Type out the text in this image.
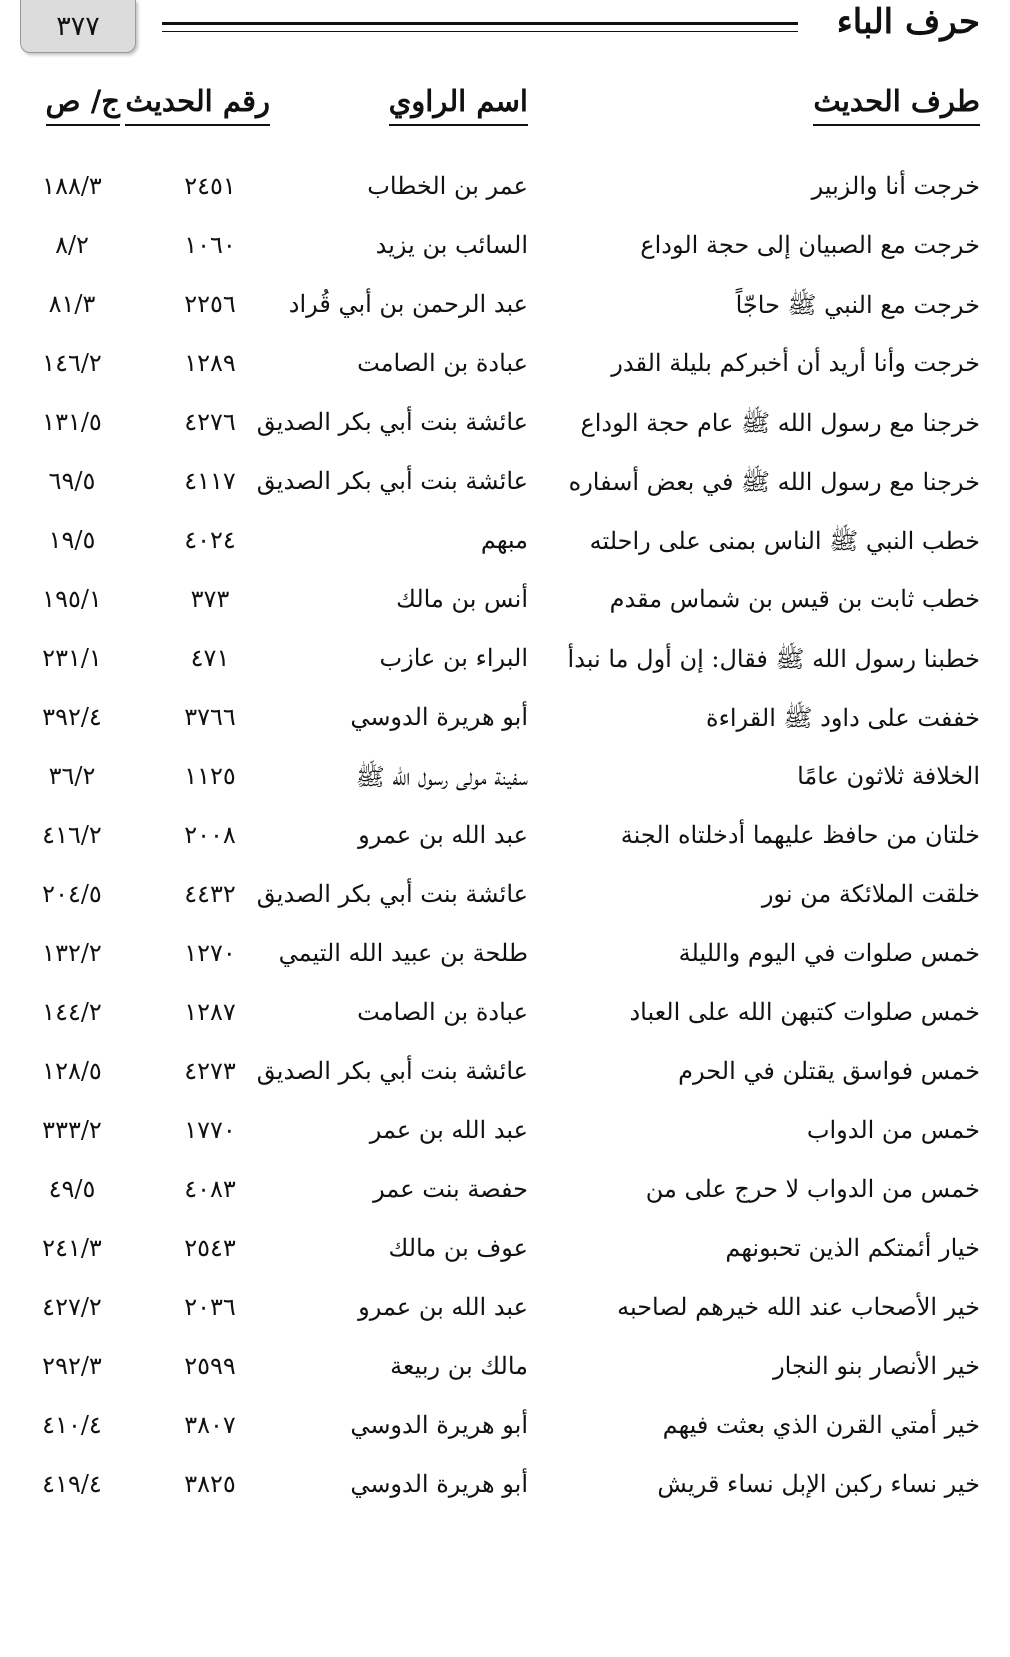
٣٧٧	حرف الباء
طرف الحديث
اسم الراوي
رقم الحديث
ج/ ص
خرجت أنا والزبير
عمر بن الخطاب
٢٤٥١
١٨٨/٣
خرجت مع الصبيان إلى حجة الوداع
السائب بن يزيد
١٠٦٠
٨/٢
خرجت مع النبي ﷺ حاجّاً
عبد الرحمن بن أبي قُراد
٢٢٥٦
٨١/٣
خرجت وأنا أريد أن أخبركم بليلة القدر
عبادة بن الصامت
١٢٨٩
١٤٦/٢
خرجنا مع رسول الله ﷺ عام حجة الوداع
عائشة بنت أبي بكر الصديق
٤٢٧٦
١٣١/٥
خرجنا مع رسول الله ﷺ في بعض أسفاره
عائشة بنت أبي بكر الصديق
٤١١٧
٦٩/٥
خطب النبي ﷺ الناس بمنى على راحلته
مبهم
٤٠٢٤
١٩/٥
خطب ثابت بن قيس بن شماس مقدم
أنس بن مالك
٣٧٣
١٩٥/١
خطبنا رسول الله ﷺ فقال: إن أول ما نبدأ
البراء بن عازب
٤٧١
٢٣١/١
خففت على داود ﷺ القراءة
أبو هريرة الدوسي
٣٧٦٦
٣٩٢/٤
الخلافة ثلاثون عامًا
سفينة مولى رسول الله ﷺ
١١٢٥
٣٦/٢
خلتان من حافظ عليهما أدخلتاه الجنة
عبد الله بن عمرو
٢٠٠٨
٤١٦/٢
خلقت الملائكة من نور
عائشة بنت أبي بكر الصديق
٤٤٣٢
٢٠٤/٥
خمس صلوات في اليوم والليلة
طلحة بن عبيد الله التيمي
١٢٧٠
١٣٢/٢
خمس صلوات كتبهن الله على العباد
عبادة بن الصامت
١٢٨٧
١٤٤/٢
خمس فواسق يقتلن في الحرم
عائشة بنت أبي بكر الصديق
٤٢٧٣
١٢٨/٥
خمس من الدواب
عبد الله بن عمر
١٧٧٠
٣٣٣/٢
خمس من الدواب لا حرج على من
حفصة بنت عمر
٤٠٨٣
٤٩/٥
خيار أئمتكم الذين تحبونهم
عوف بن مالك
٢٥٤٣
٢٤١/٣
خير الأصحاب عند الله خيرهم لصاحبه
عبد الله بن عمرو
٢٠٣٦
٤٢٧/٢
خير الأنصار بنو النجار
مالك بن ربيعة
٢٥٩٩
٢٩٢/٣
خير أمتي القرن الذي بعثت فيهم
أبو هريرة الدوسي
٣٨٠٧
٤١٠/٤
خير نساء ركبن الإبل نساء قريش
أبو هريرة الدوسي
٣٨٢٥
٤١٩/٤
